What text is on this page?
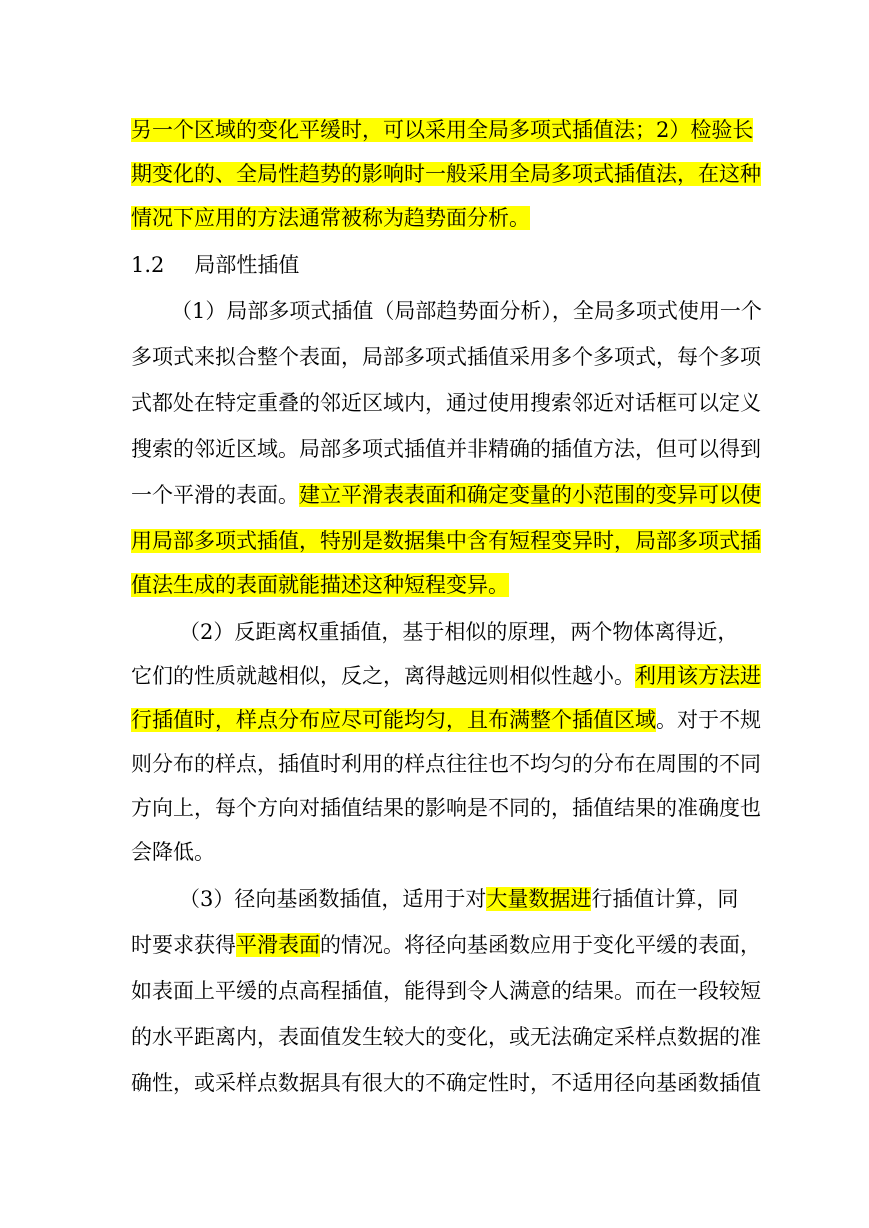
另一个区域的变化平缓时，可以采用全局多项式插值法；2）检验长
期变化的、全局性趋势的影响时一般采用全局多项式插值法，在这种
情况下应用的方法通常被称为趋势面分析。
1.2 局部性插值
（1） 局部多项式插值（局部趋势面分析），全局多项式使用一个
多项式来拟合整个表面，局部多项式插值采用多个多项式，每个多项
式都处在特定重叠的邻近区域内，通过使用搜索邻近对话框可以定义
搜索的邻近区域。局部多项式插值并非精确的插值方法，但可以得到
一个平滑的表面。建立平滑表表面和确定变量的小范围的变异可以使
用局部多项式插值，特别是数据集中含有短程变异时，局部多项式插
值法生成的表面就能描述这种短程变异。
（2） 反距离权重插值，基于相似的原理，两个物体离得近，
它们的性质就越相似，反之，离得越远则相似性越小。利用该方法进
行插值时，样点分布应尽可能均匀，且布满整个插值区域。对于不规
则分布的样点，插值时利用的样点往往也不均匀的分布在周围的不同
方向上，每个方向对插值结果的影响是不同的，插值结果的准确度也
会降低。
（3） 径向基函数插值，适用于对大量数据进行插值计算，同
时要求获得平滑表面的情况。将径向基函数应用于变化平缓的表面，
如表面上平缓的点高程插值，能得到令人满意的结果。而在一段较短
的水平距离内，表面值发生较大的变化，或无法确定采样点数据的准
确性，或采样点数据具有很大的不确定性时，不适用径向基函数插值
